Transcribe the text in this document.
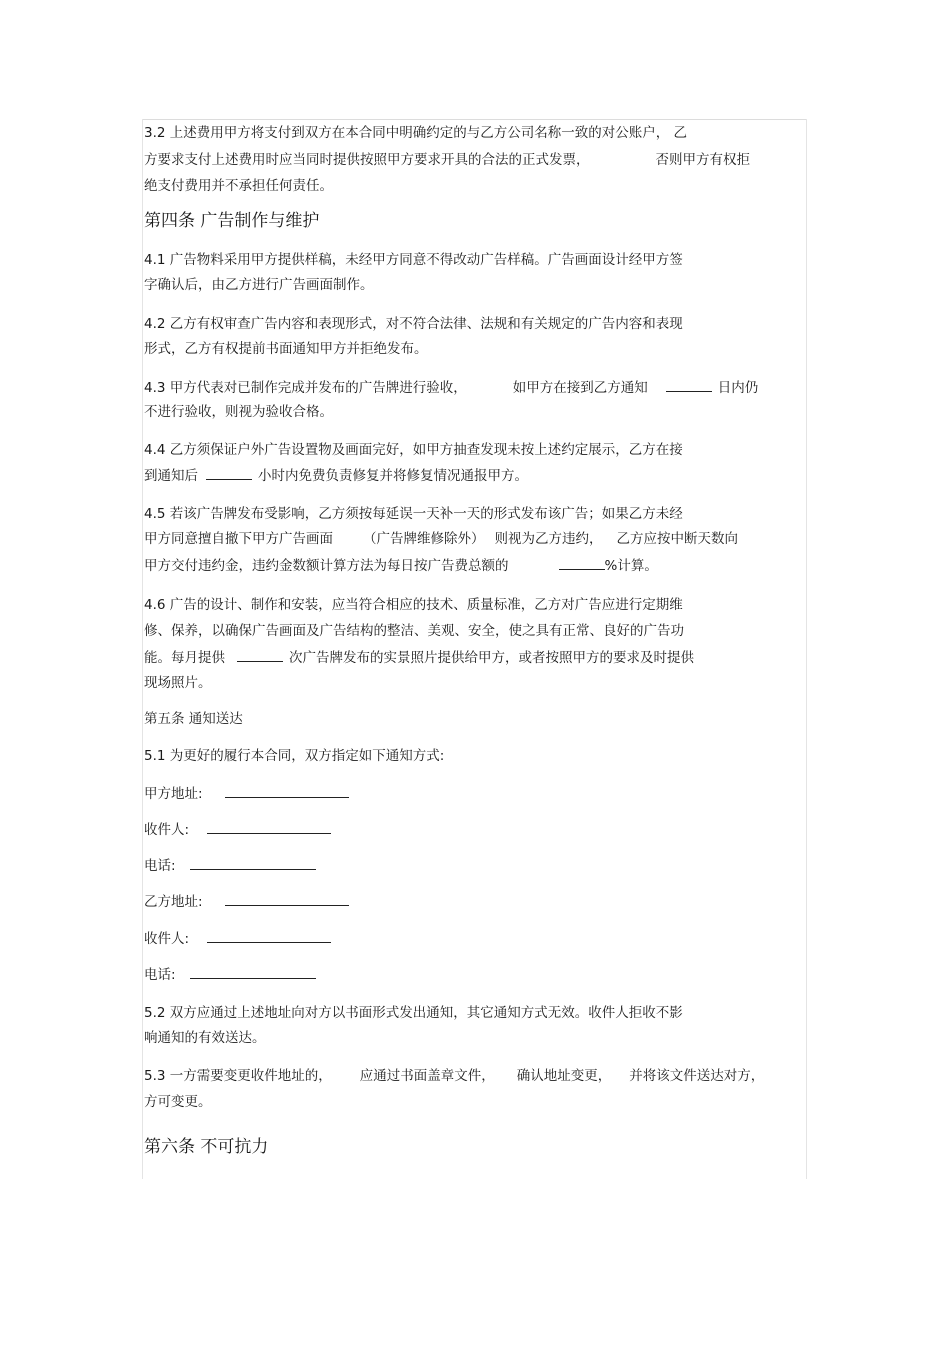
3.2 上述费用甲方将支付到双方在本合同中明确约定的与乙方公司名称一致的对公账户， 乙
方要求支付上述费用时应当同时提供按照甲方要求开具的合法的正式发票，	否则甲方有权拒
绝支付费用并不承担任何责任。
第四条 广告制作与维护
4.1 广告物料采用甲方提供样稿，未经甲方同意不得改动广告样稿。广告画面设计经甲方签
字确认后，由乙方进行广告画面制作。
4.2 乙方有权审查广告内容和表现形式，对不符合法律、法规和有关规定的广告内容和表现
形式，乙方有权提前书面通知甲方并拒绝发布。
4.3 甲方代表对已制作完成并发布的广告牌进行验收，	如甲方在接到乙方通知	日内仍
不进行验收，则视为验收合格。
4.4 乙方须保证户外广告设置物及画面完好，如甲方抽查发现未按上述约定展示，乙方在接
到通知后	小时内免费负责修复并将修复情况通报甲方。
4.5 若该广告牌发布受影响，乙方须按每延误一天补一天的形式发布该广告；如果乙方未经
甲方同意擅自撤下甲方广告画面 （广告牌维修除外） 则视为乙方违约， 乙方应按中断天数向
甲方交付违约金，违约金数额计算方法为每日按广告费总额的	%计算。
4.6 广告的设计、制作和安装，应当符合相应的技术、质量标准，乙方对广告应进行定期维
修、保养，以确保广告画面及广告结构的整洁、美观、安全，使之具有正常、良好的广告功
能。每月提供	次广告牌发布的实景照片提供给甲方，或者按照甲方的要求及时提供
现场照片。
第五条 通知送达
5.1 为更好的履行本合同，双方指定如下通知方式:
甲方地址:
收件人:
电话:
乙方地址:
收件人:
电话:
5.2 双方应通过上述地址向对方以书面形式发出通知，其它通知方式无效。收件人拒收不影
响通知的有效送达。
5.3 一方需要变更收件地址的， 应通过书面盖章文件， 确认地址变更， 并将该文件送达对方，
方可变更。
第六条 不可抗力
